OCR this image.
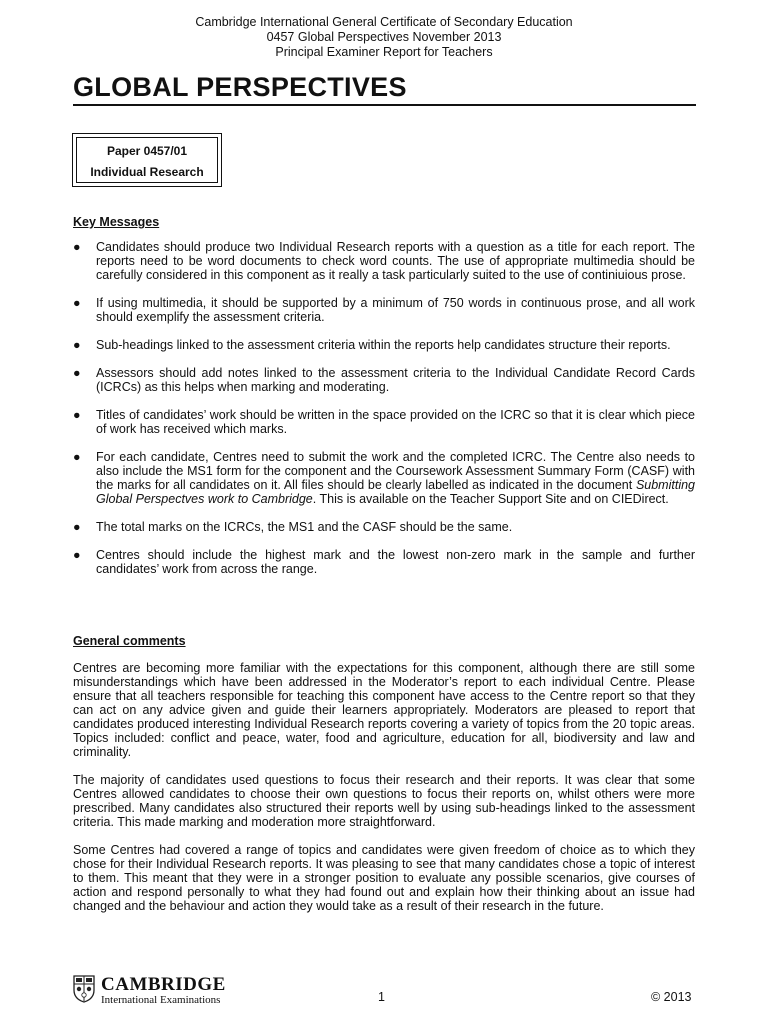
Cambridge International General Certificate of Secondary Education
0457 Global Perspectives November 2013
Principal Examiner Report for Teachers
GLOBAL PERSPECTIVES
Paper 0457/01
Individual Research
Key Messages
● Candidates should produce two Individual Research reports with a question as a title for each report. The reports need to be word documents to check word counts. The use of appropriate multimedia should be carefully considered in this component as it really a task particularly suited to the use of continiuious prose.
● If using multimedia, it should be supported by a minimum of 750 words in continuous prose, and all work should exemplify the assessment criteria.
● Sub-headings linked to the assessment criteria within the reports help candidates structure their reports.
● Assessors should add notes linked to the assessment criteria to the Individual Candidate Record Cards (ICRCs) as this helps when marking and moderating.
● Titles of candidates’ work should be written in the space provided on the ICRC so that it is clear which piece of work has received which marks.
● For each candidate, Centres need to submit the work and the completed ICRC. The Centre also needs to also include the MS1 form for the component and the Coursework Assessment Summary Form (CASF) with the marks for all candidates on it. All files should be clearly labelled as indicated in the document Submitting Global Perspectves work to Cambridge. This is available on the Teacher Support Site and on CIEDirect.
● The total marks on the ICRCs, the MS1 and the CASF should be the same.
● Centres should include the highest mark and the lowest non-zero mark in the sample and further candidates’ work from across the range.
General comments

Centres are becoming more familiar with the expectations for this component, although there are still some misunderstandings which have been addressed in the Moderator’s report to each individual Centre. Please ensure that all teachers responsible for teaching this component have access to the Centre report so that they can act on any advice given and guide their learners appropriately. Moderators are pleased to report that candidates produced interesting Individual Research reports covering a variety of topics from the 20 topic areas. Topics included: conflict and peace, water, food and agriculture, education for all, biodiversity and law and criminality.

The majority of candidates used questions to focus their research and their reports. It was clear that some Centres allowed candidates to choose their own questions to focus their reports on, whilst others were more prescribed. Many candidates also structured their reports well by using sub-headings linked to the assessment criteria. This made marking and moderation more straightforward.

Some Centres had covered a range of topics and candidates were given freedom of choice as to which they chose for their Individual Research reports. It was pleasing to see that many candidates chose a topic of interest to them. This meant that they were in a stronger position to evaluate any possible scenarios, give courses of action and respond personally to what they had found out and explain how their thinking about an issue had changed and the behaviour and action they would take as a result of their research in the future.

CAMBRIDGE
International Examinations	1	© 2013
